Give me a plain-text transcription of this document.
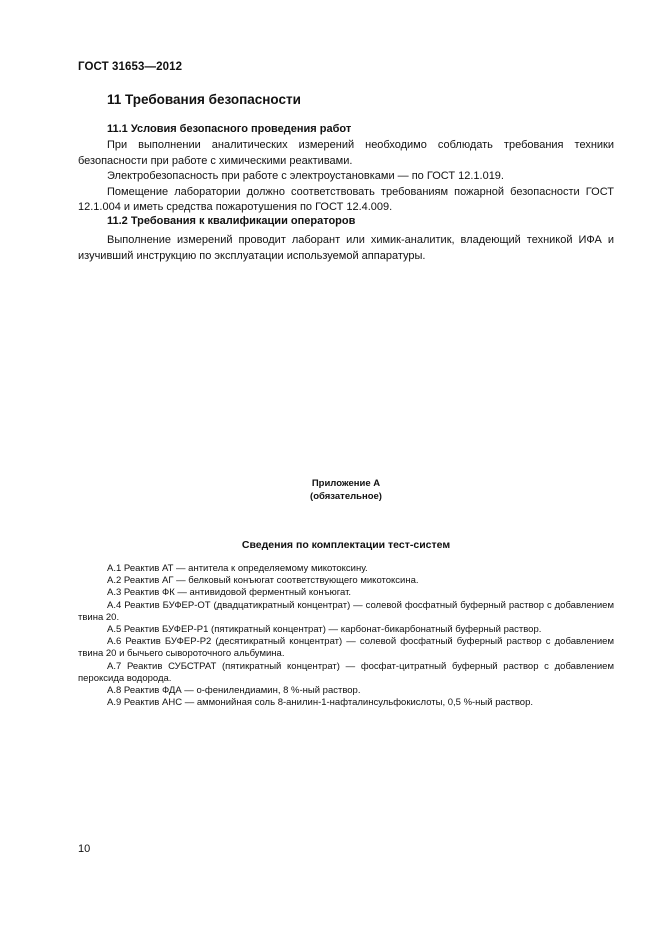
ГОСТ 31653—2012
11 Требования безопасности
11.1 Условия безопасного проведения работ

При выполнении аналитических измерений необходимо соблюдать требования техники безопасности при работе с химическими реактивами.

Электробезопасность при работе с электроустановками — по ГОСТ 12.1.019.

Помещение лаборатории должно соответствовать требованиям пожарной безопасности ГОСТ 12.1.004 и иметь средства пожаротушения по ГОСТ 12.4.009.

11.2 Требования к квалификации операторов

Выполнение измерений проводит лаборант или химик-аналитик, владеющий техникой ИФА и изучивший инструкцию по эксплуатации используемой аппаратуры.

Приложение А
(обязательное)
Сведения по комплектации тест-систем

А.1 Реактив АТ — антитела к определяемому микотоксину.

А.2 Реактив АГ — белковый конъюгат соответствующего микотоксина.

А.3 Реактив ФК — антивидовой ферментный конъюгат.

А.4 Реактив БУФЕР-ОТ (двадцатикратный концентрат) — солевой фосфатный буферный раствор с добавлением твина 20.

А.5 Реактив БУФЕР-Р1 (пятикратный концентрат) — карбонат-бикарбонатный буферный раствор.

А.6 Реактив БУФЕР-Р2 (десятикратный концентрат) — солевой фосфатный буферный раствор с добавлением твина 20 и бычьего сывороточного альбумина.

А.7 Реактив СУБСТРАТ (пятикратный концентрат) — фосфат-цитратный буферный раствор с добавлением пероксида водорода.

А.8 Реактив ФДА — о-фенилендиамин, 8 %-ный раствор.

А.9 Реактив АНС — аммонийная соль 8-анилин-1-нафталинсульфокислоты, 0,5 %-ный раствор.

10
